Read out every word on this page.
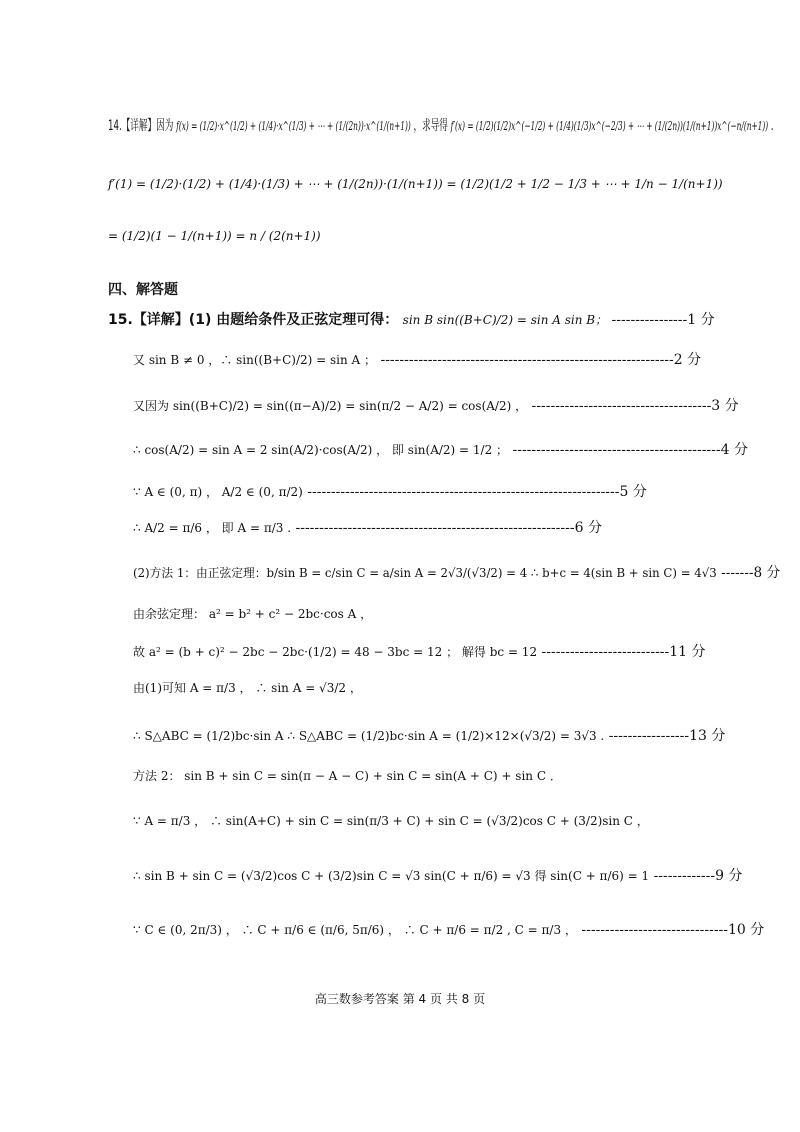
14.【详解】因为 f(x) = (1/2)·x^(1/2) + (1/4)·x^(1/3) + ⋯ + (1/(2n))·x^(1/(n+1)) ，求导得 f′(x) = (1/2)(1/2)x^(−1/2) + (1/4)(1/3)x^(−2/3) + ⋯ + (1/(2n))(1/(n+1))x^(−n/(n+1)) ．
f′(1) = (1/2)·(1/2) + (1/4)·(1/3) + ⋯ + (1/(2n))·(1/(n+1)) = (1/2)(1/2 + 1/2 − 1/3 + ⋯ + 1/n − 1/(n+1))
= (1/2)(1 − 1/(n+1)) = n / (2(n+1))
四、解答题
15.【详解】(1) 由题给条件及正弦定理可得： sin B sin((B+C)/2) = sin A sin B； ----------------1 分
又 sin B ≠ 0 ，∴ sin((B+C)/2) = sin A ； --------------------------------------------------------------2 分
又因为 sin((B+C)/2) = sin((π−A)/2) = sin(π/2 − A/2) = cos(A/2) ， --------------------------------------3 分
∴ cos(A/2) = sin A = 2 sin(A/2)·cos(A/2) ， 即 sin(A/2) = 1/2 ； --------------------------------------------4 分
∵ A ∈ (0, π) ， A/2 ∈ (0, π/2) ------------------------------------------------------------------5 分
∴ A/2 = π/6 ， 即 A = π/3 . -----------------------------------------------------------6 分
(2)方法 1：由正弦定理：b/sin B = c/sin C = a/sin A = 2√3/(√3/2) = 4 ∴ b+c = 4(sin B + sin C) = 4√3 -------8 分
由余弦定理： a² = b² + c² − 2bc·cos A ，
故 a² = (b + c)² − 2bc − 2bc·(1/2) = 48 − 3bc = 12 ； 解得 bc = 12 ---------------------------11 分
由(1)可知 A = π/3 ， ∴ sin A = √3/2 ，
∴ S△ABC = (1/2)bc·sin A ∴ S△ABC = (1/2)bc·sin A = (1/2)×12×(√3/2) = 3√3 . -----------------13 分
方法 2： sin B + sin C = sin(π − A − C) + sin C = sin(A + C) + sin C ．
∵ A = π/3 ， ∴ sin(A+C) + sin C = sin(π/3 + C) + sin C = (√3/2)cos C + (3/2)sin C ，
∴ sin B + sin C = (√3/2)cos C + (3/2)sin C = √3 sin(C + π/6) = √3 得 sin(C + π/6) = 1 -------------9 分
∵ C ∈ (0, 2π/3) ， ∴ C + π/6 ∈ (π/6, 5π/6) ， ∴ C + π/6 = π/2 , C = π/3 ， -------------------------------10 分
高三数参考答案 第 4 页 共 8 页
